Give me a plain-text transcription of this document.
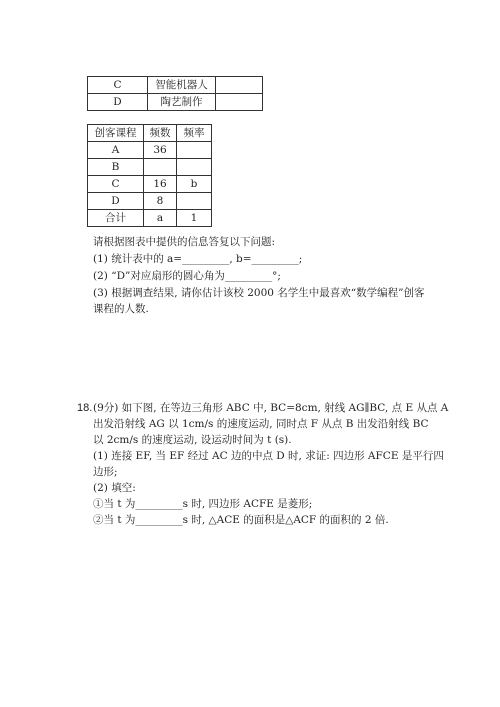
C	智能机器人	
D	陶艺制作	
创客课程	频数	频率
A	36	
B		
C	16	b
D	8	
合计	a	1
请根据图表中提供的信息答复以下问题:
(1) 统计表中的 a=_________, b=_________;
(2) “D”对应扇形的圆心角为_________°;
(3) 根据调查结果, 请你估计该校 2000 名学生中最喜欢“数学编程”创客
课程的人数.
18. (9分) 如下图, 在等边三角形 ABC 中, BC=8cm, 射线 AG∥BC, 点 E 从点 A

出发沿射线 AG 以 1cm/s 的速度运动, 同时点 F 从点 B 出发沿射线 BC

以 2cm/s 的速度运动, 设运动时间为 t (s).

(1) 连接 EF, 当 EF 经过 AC 边的中点 D 时, 求证: 四边形 AFCE 是平行四

边形;

(2) 填空:

①当 t 为_________s 时, 四边形 ACFE 是菱形;

②当 t 为_________s 时, △ACE 的面积是△ACF 的面积的 2 倍.
